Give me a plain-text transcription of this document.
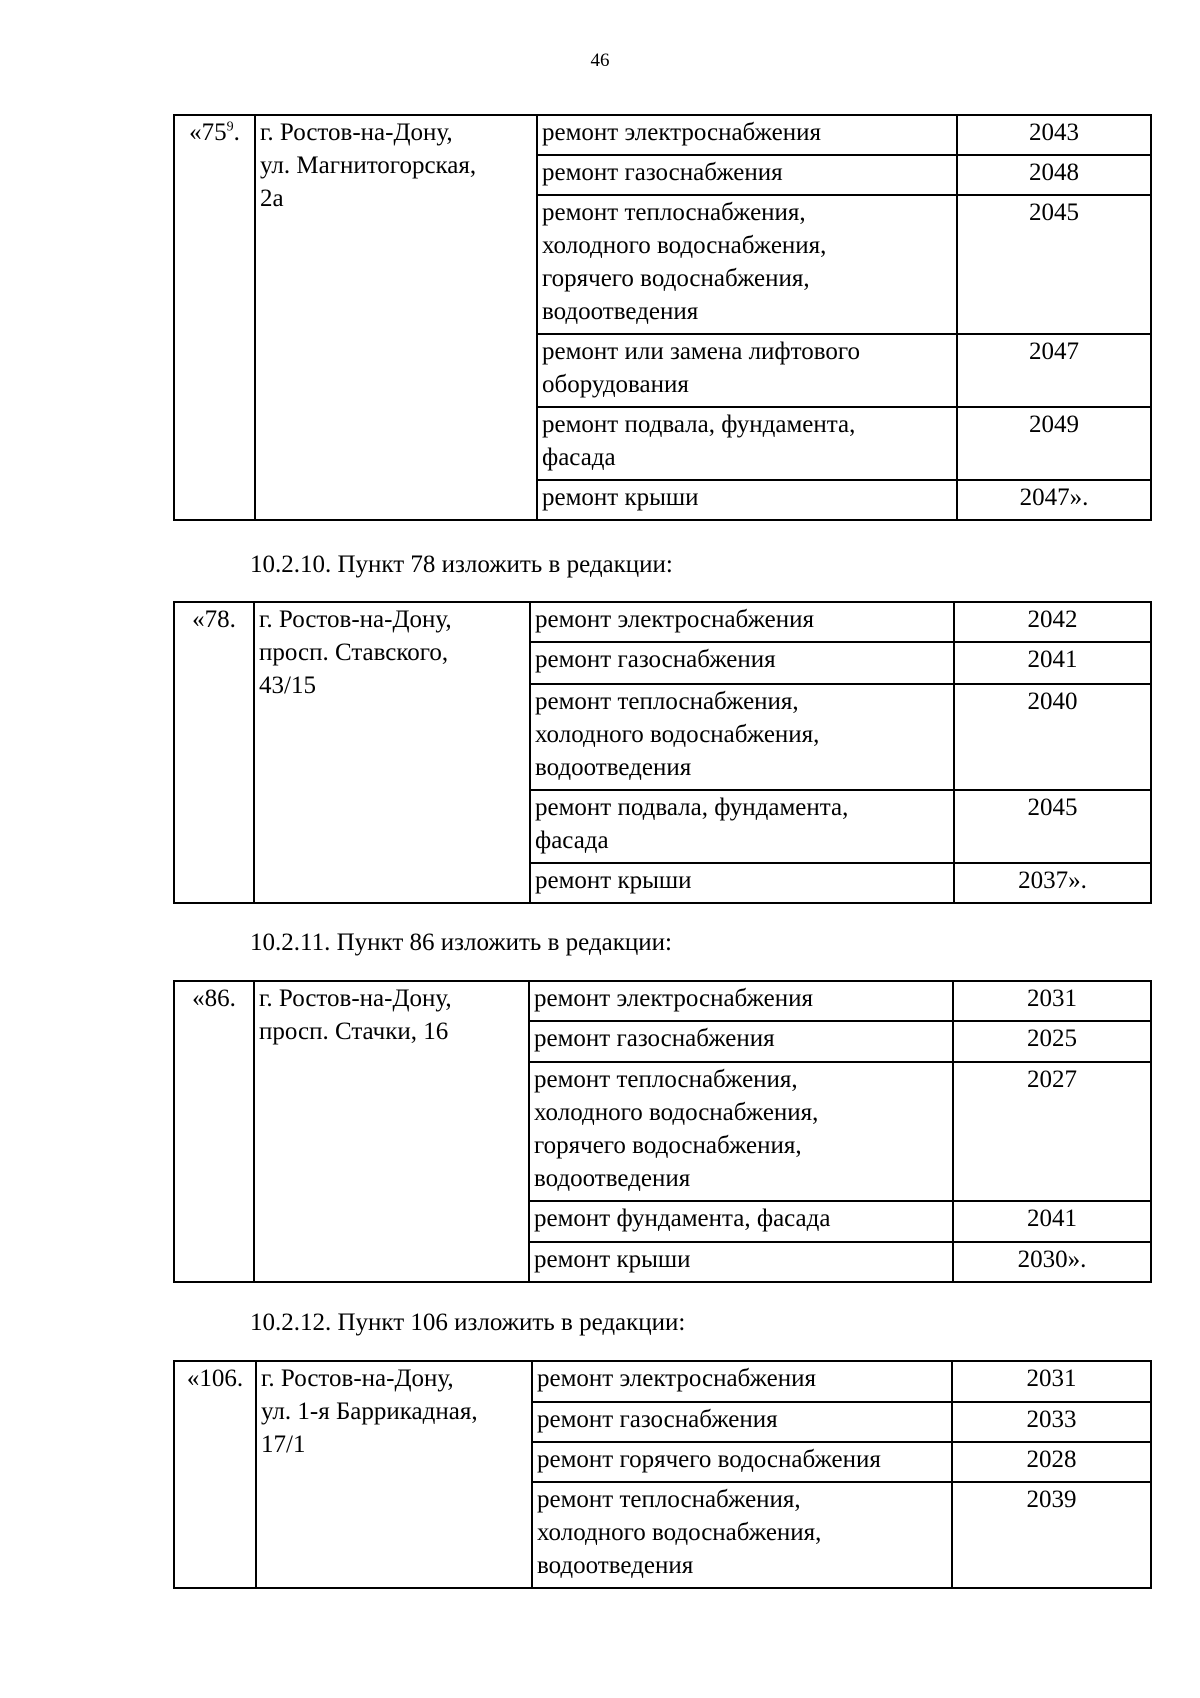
46
«$75^9$.	г. Ростов-на-Дону,
ул. Магнитогорская,
2а	ремонт электроснабжения	2043

		ремонт газоснабжения	2048

		ремонт теплоснабжения,
холодного водоснабжения,
горячего водоснабжения,
водоотведения	2045

		ремонт или замена лифтового
оборудования	2047

		ремонт подвала, фундамента,
фасада	2049

		ремонт крыши	2047».
10.2.10. Пункт 78 изложить в редакции:
«78.	г. Ростов-на-Дону,
просп. Ставского,
43/15	ремонт электроснабжения	2042

		ремонт газоснабжения	2041

		ремонт теплоснабжения,
холодного водоснабжения,
водоотведения	2040

		ремонт подвала, фундамента,
фасада	2045

		ремонт крыши	2037».
10.2.11. Пункт 86 изложить в редакции:
«86.	г. Ростов-на-Дону,
просп. Стачки, 16	ремонт электроснабжения	2031

		ремонт газоснабжения	2025

		ремонт теплоснабжения,
холодного водоснабжения,
горячего водоснабжения,
водоотведения	2027

		ремонт фундамента, фасада	2041

		ремонт крыши	2030».
10.2.12. Пункт 106 изложить в редакции:
«106.	г. Ростов-на-Дону,
ул. 1-я Баррикадная,
17/1	ремонт электроснабжения	2031

		ремонт газоснабжения	2033

		ремонт горячего водоснабжения	2028

		ремонт теплоснабжения,
холодного водоснабжения,
водоотведения	2039
